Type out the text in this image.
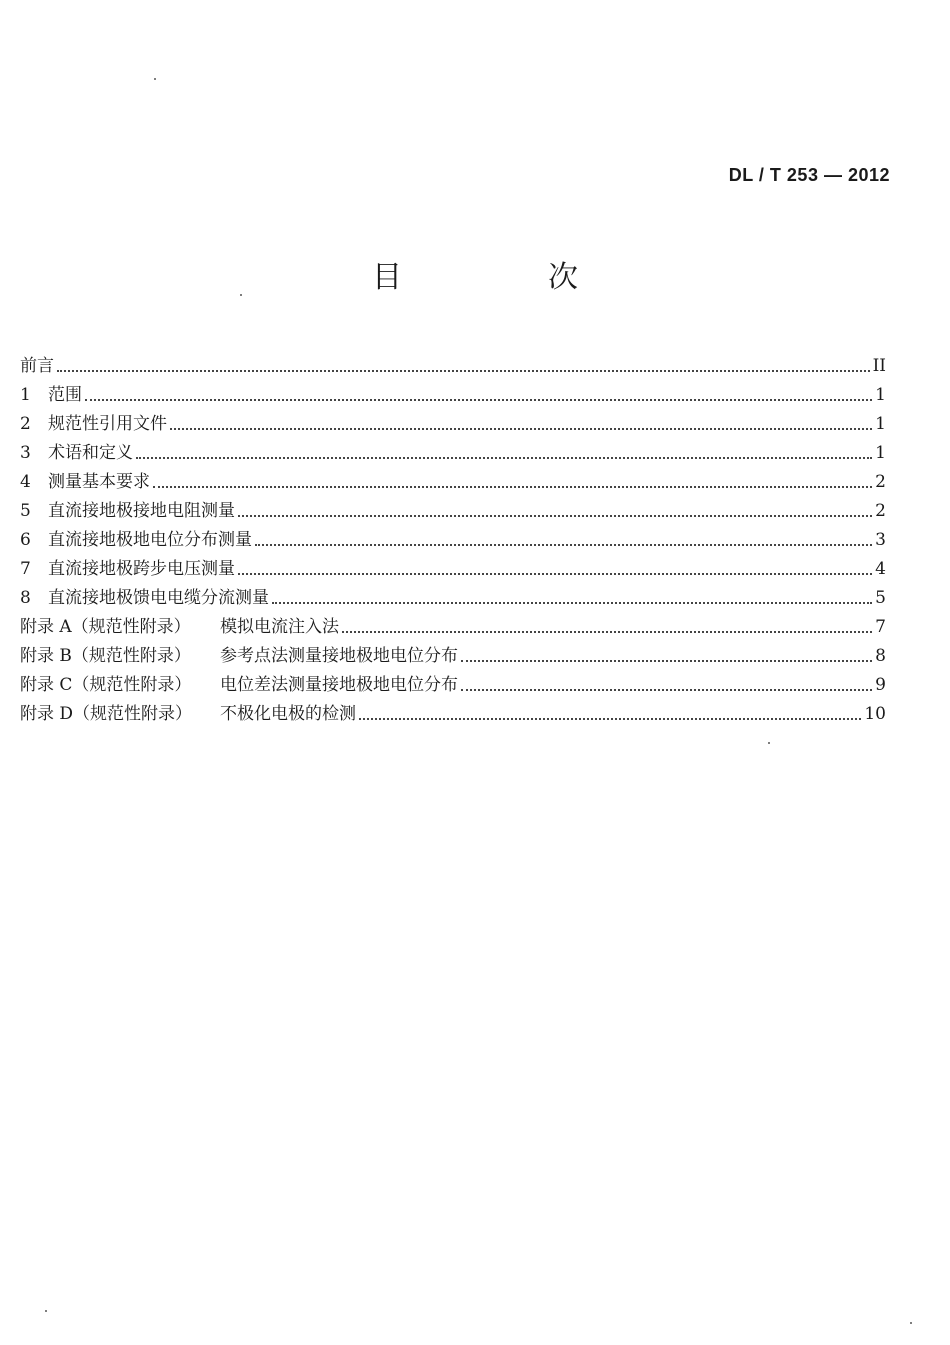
DL / T 253 — 2012
目　次
前言	II
1	范围	1
2	规范性引用文件	1
3	术语和定义	1
4	测量基本要求	2
5	直流接地极接地电阻测量	2
6	直流接地极地电位分布测量	3
7	直流接地极跨步电压测量	4
8	直流接地极馈电电缆分流测量	5
附录 A（规范性附录）	模拟电流注入法	7
附录 B（规范性附录）	参考点法测量接地极地电位分布	8
附录 C（规范性附录）	电位差法测量接地极地电位分布	9
附录 D（规范性附录）	不极化电极的检测	10
